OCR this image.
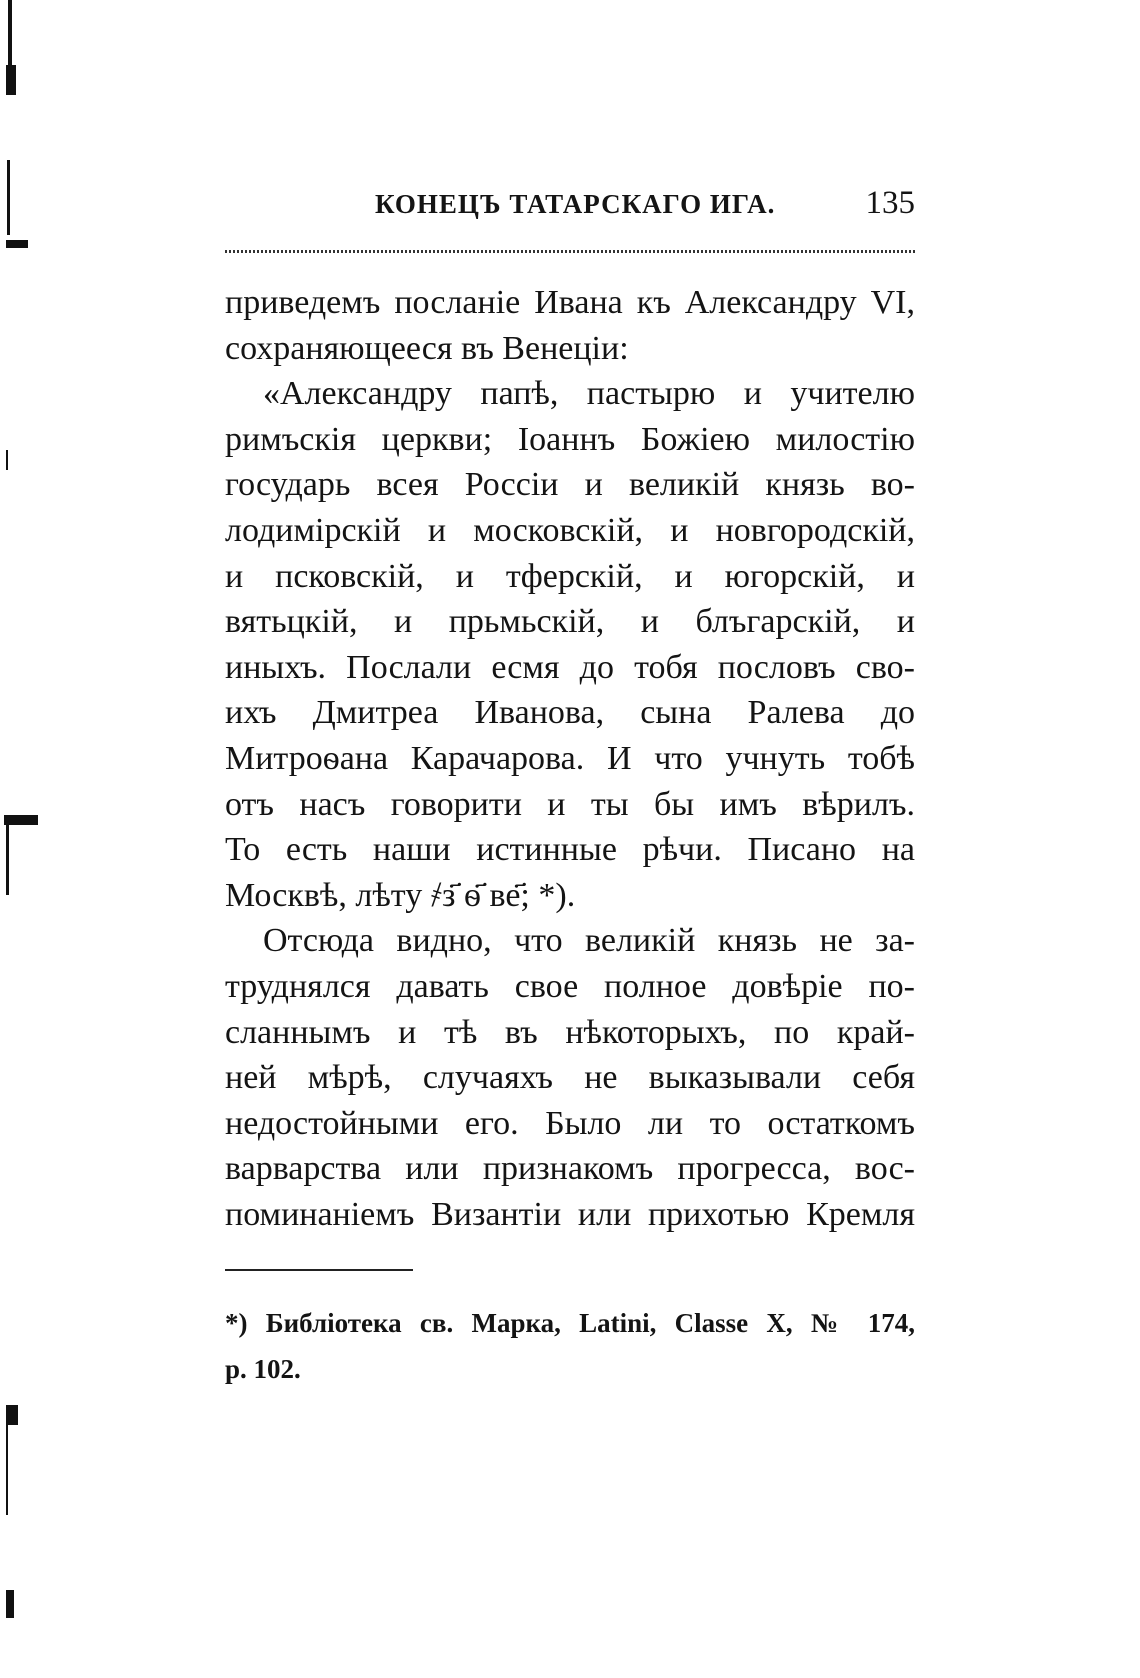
КОНЕЦЪ ТАТАРСКАГО ИГА.	135
приведемъ посланіе Ивана къ Александру VI,
сохраняющееся въ Венеціи:
«Александру папѣ, пастырю и учителю
римъскія церкви; Іоаннъ Божіею милостію
государь всея Россіи и великій князь во-
лодимірскій и московскій, и новгородскій,
и псковскій, и тферскій, и югорскій, и
вятьцкій, и прьмьскій, и блъгарскій, и
иныхъ. Послали есмя до тобя пословъ сво-
ихъ Дмитреа Иванова, сына Ралева до
Митроѳана Карачарова. И что учнуть тобѣ
отъ насъ говорити и ты бы имъ вѣрилъ.
То есть наши истинные рѣчи. Писано на
Москвѣ, лѣту ҂з҃ ѳ҃ ве҃; *).
Отсюда видно, что великій князь не за-
труднялся давать свое полное довѣріе по-
сланнымъ и тѣ въ нѣкоторыхъ, по край-
ней мѣрѣ, случаяхъ не выказывали себя
недостойными его. Было ли то остаткомъ
варварства или признакомъ прогресса, вос-
поминаніемъ Византіи или прихотью Кремля
*) Библіотека св. Марка, Latini, Classe X, № 174,
p. 102.
